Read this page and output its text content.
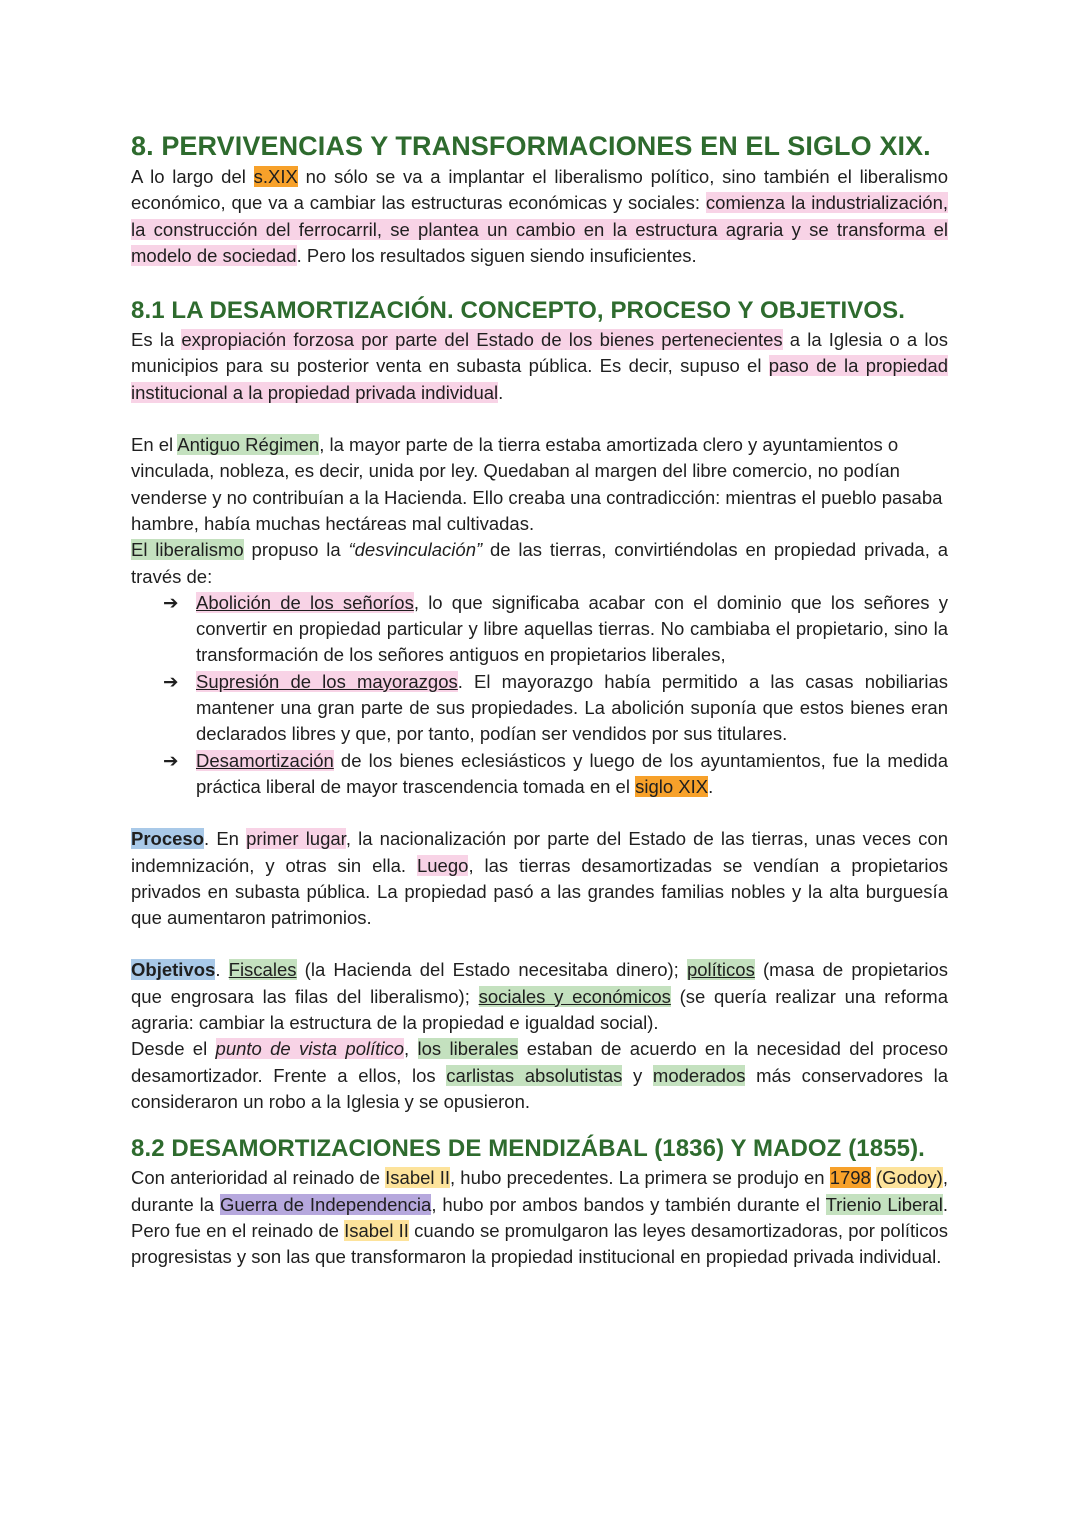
8. PERVIVENCIAS Y TRANSFORMACIONES EN EL SIGLO XIX.

A lo largo del s.XIX no sólo se va a implantar el liberalismo político, sino también el liberalismo económico, que va a cambiar las estructuras económicas y sociales: comienza la industrialización, la construcción del ferrocarril, se plantea un cambio en la estructura agraria y se transforma el modelo de sociedad. Pero los resultados siguen siendo insuficientes.

8.1 LA DESAMORTIZACIÓN. CONCEPTO, PROCESO Y OBJETIVOS.

Es la expropiación forzosa por parte del Estado de los bienes pertenecientes a la Iglesia o a los municipios para su posterior venta en subasta pública. Es decir, supuso el paso de la propiedad institucional a la propiedad privada individual.

En el Antiguo Régimen, la mayor parte de la tierra estaba amortizada clero y ayuntamientos o vinculada, nobleza, es decir, unida por ley. Quedaban al margen del libre comercio, no podían venderse y no contribuían a la Hacienda. Ello creaba una contradicción: mientras el pueblo pasaba hambre, había muchas hectáreas mal cultivadas.

El liberalismo propuso la “desvinculación” de las tierras, convirtiéndolas en propiedad privada, a través de:

➔ Abolición de los señoríos, lo que significaba acabar con el dominio que los señores y convertir en propiedad particular y libre aquellas tierras. No cambiaba el propietario, sino la transformación de los señores antiguos en propietarios liberales,
➔ Supresión de los mayorazgos. El mayorazgo había permitido a las casas nobiliarias mantener una gran parte de sus propiedades. La abolición suponía que estos bienes eran declarados libres y que, por tanto, podían ser vendidos por sus titulares.
➔ Desamortización de los bienes eclesiásticos y luego de los ayuntamientos, fue la medida práctica liberal de mayor trascendencia tomada en el siglo XIX.

Proceso. En primer lugar, la nacionalización por parte del Estado de las tierras, unas veces con indemnización, y otras sin ella. Luego, las tierras desamortizadas se vendían a propietarios privados en subasta pública. La propiedad pasó a las grandes familias nobles y la alta burguesía que aumentaron patrimonios.

Objetivos. Fiscales (la Hacienda del Estado necesitaba dinero); políticos (masa de propietarios que engrosara las filas del liberalismo); sociales y económicos (se quería realizar una reforma agraria: cambiar la estructura de la propiedad e igualdad social).

Desde el punto de vista político, los liberales estaban de acuerdo en la necesidad del proceso desamortizador. Frente a ellos, los carlistas absolutistas y moderados más conservadores la consideraron un robo a la Iglesia y se opusieron.

8.2 DESAMORTIZACIONES DE MENDIZÁBAL (1836) Y MADOZ (1855).

Con anterioridad al reinado de Isabel II, hubo precedentes. La primera se produjo en 1798 (Godoy), durante la Guerra de Independencia, hubo por ambos bandos y también durante el Trienio Liberal. Pero fue en el reinado de Isabel II cuando se promulgaron las leyes desamortizadoras, por políticos progresistas y son las que transformaron la propiedad institucional en propiedad privada individual.
